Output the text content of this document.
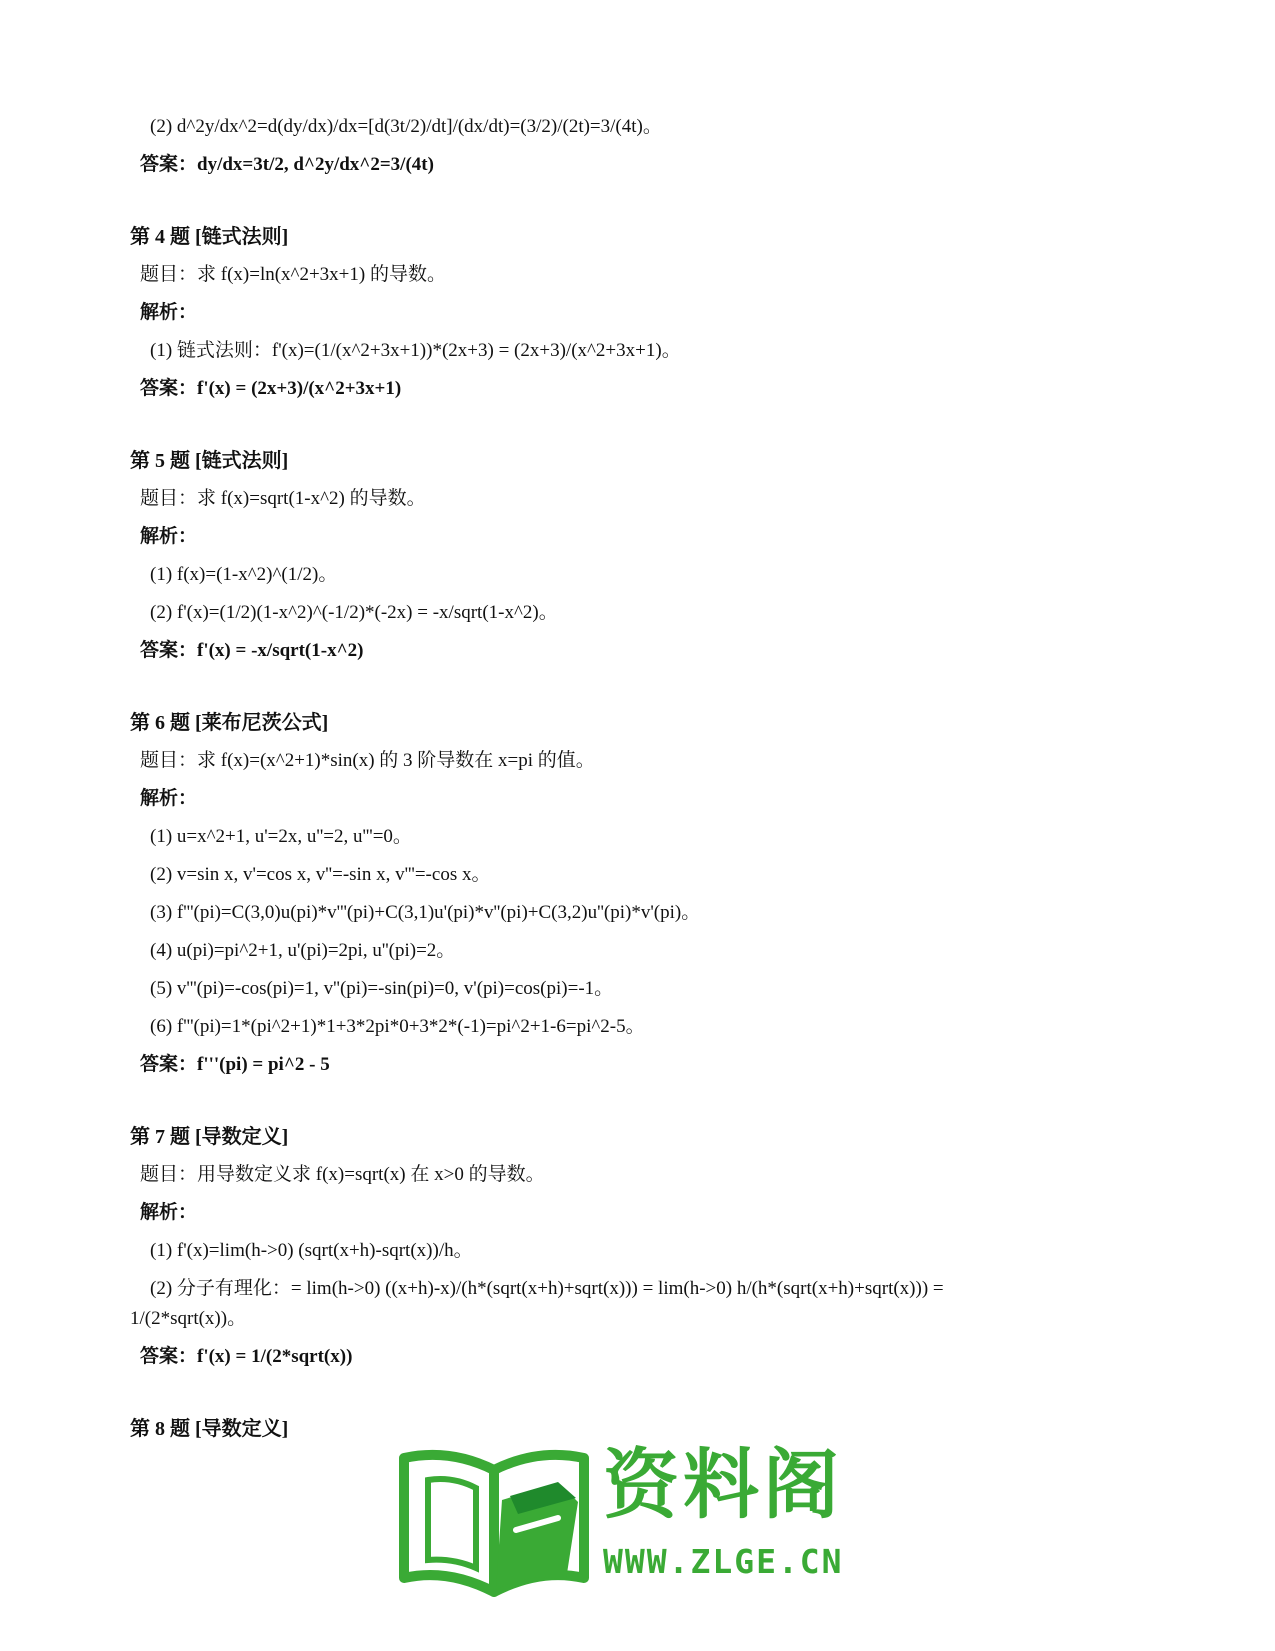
(2) d^2y/dx^2=d(dy/dx)/dx=[d(3t/2)/dt]/(dx/dt)=(3/2)/(2t)=3/(4t)。
答案：dy/dx=3t/2, d^2y/dx^2=3/(4t)
第 4 题 [链式法则]
题目：求 f(x)=ln(x^2+3x+1) 的导数。
解析：
(1) 链式法则：f'(x)=(1/(x^2+3x+1))*(2x+3) = (2x+3)/(x^2+3x+1)。
答案：f'(x) = (2x+3)/(x^2+3x+1)
第 5 题 [链式法则]
题目：求 f(x)=sqrt(1-x^2) 的导数。
解析：
(1) f(x)=(1-x^2)^(1/2)。
(2) f'(x)=(1/2)(1-x^2)^(-1/2)*(-2x) = -x/sqrt(1-x^2)。
答案：f'(x) = -x/sqrt(1-x^2)
第 6 题 [莱布尼茨公式]
题目：求 f(x)=(x^2+1)*sin(x) 的 3 阶导数在 x=pi 的值。
解析：
(1) u=x^2+1, u'=2x, u''=2, u'''=0。
(2) v=sin x, v'=cos x, v''=-sin x, v'''=-cos x。
(3) f'''(pi)=C(3,0)u(pi)*v'''(pi)+C(3,1)u'(pi)*v''(pi)+C(3,2)u''(pi)*v'(pi)。
(4) u(pi)=pi^2+1, u'(pi)=2pi, u''(pi)=2。
(5) v'''(pi)=-cos(pi)=1, v''(pi)=-sin(pi)=0, v'(pi)=cos(pi)=-1。
(6) f'''(pi)=1*(pi^2+1)*1+3*2pi*0+3*2*(-1)=pi^2+1-6=pi^2-5。
答案：f'''(pi) = pi^2 - 5
第 7 题 [导数定义]
题目：用导数定义求 f(x)=sqrt(x) 在 x>0 的导数。
解析：
(1) f'(x)=lim(h->0) (sqrt(x+h)-sqrt(x))/h。
(2) 分子有理化：= lim(h->0) ((x+h)-x)/(h*(sqrt(x+h)+sqrt(x))) = lim(h->0) h/(h*(sqrt(x+h)+sqrt(x))) =
1/(2*sqrt(x))。
答案：f'(x) = 1/(2*sqrt(x))
第 8 题 [导数定义]
资料阁
WWW.ZLGE.CN
